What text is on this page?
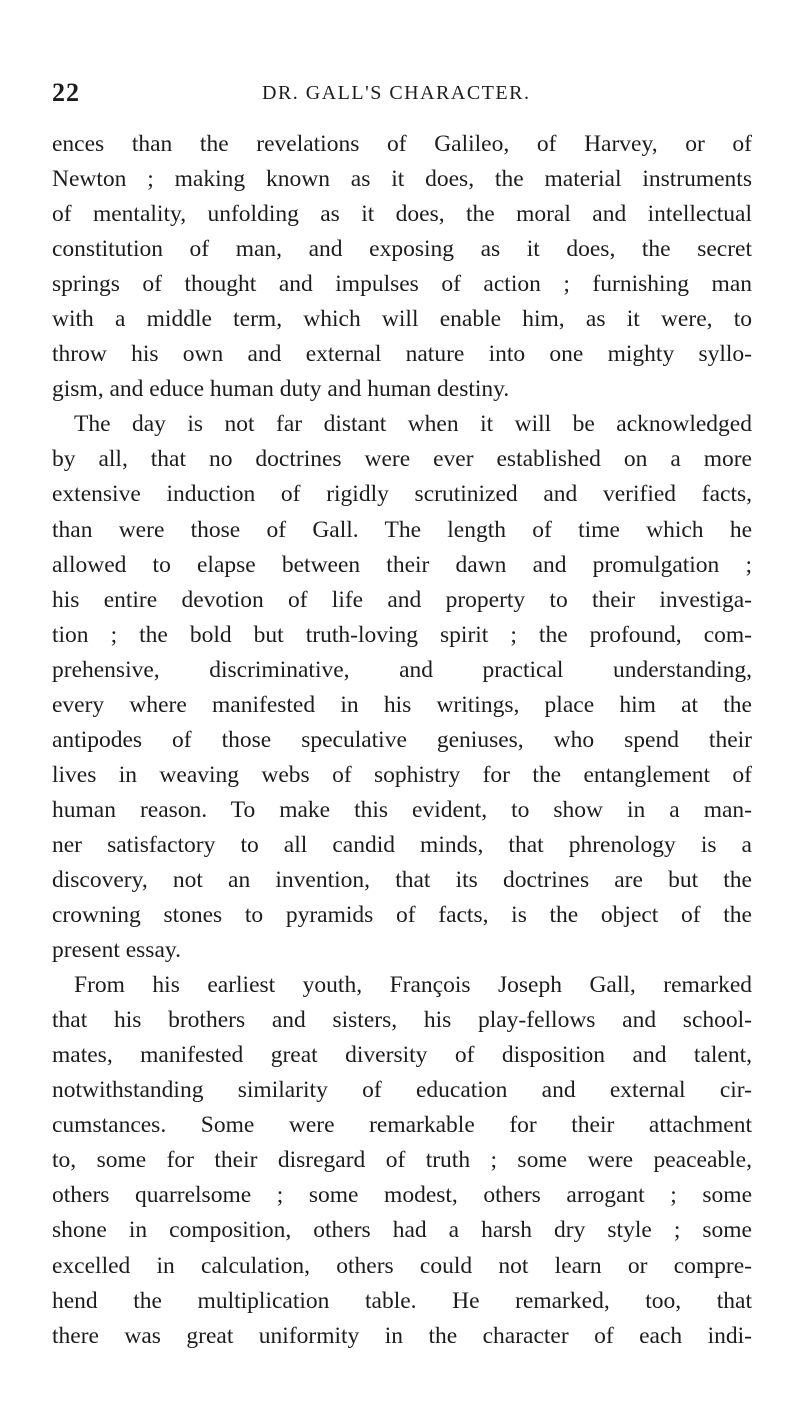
22	DR. GALL'S CHARACTER.
ences than the revelations of Galileo, of Harvey, or of
Newton ; making known as it does, the material instruments
of mentality, unfolding as it does, the moral and intellectual
constitution of man, and exposing as it does, the secret
springs of thought and impulses of action ; furnishing man
with a middle term, which will enable him, as it were, to
throw his own and external nature into one mighty syllo-
gism, and educe human duty and human destiny.
The day is not far distant when it will be acknowledged
by all, that no doctrines were ever established on a more
extensive induction of rigidly scrutinized and verified facts,
than were those of Gall. The length of time which he
allowed to elapse between their dawn and promulgation ;
his entire devotion of life and property to their investiga-
tion ; the bold but truth-loving spirit ; the profound, com-
prehensive, discriminative, and practical understanding,
every where manifested in his writings, place him at the
antipodes of those speculative geniuses, who spend their
lives in weaving webs of sophistry for the entanglement of
human reason. To make this evident, to show in a man-
ner satisfactory to all candid minds, that phrenology is a
discovery, not an invention, that its doctrines are but the
crowning stones to pyramids of facts, is the object of the
present essay.
From his earliest youth, François Joseph Gall, remarked
that his brothers and sisters, his play-fellows and school-
mates, manifested great diversity of disposition and talent,
notwithstanding similarity of education and external cir-
cumstances. Some were remarkable for their attachment
to, some for their disregard of truth ; some were peaceable,
others quarrelsome ; some modest, others arrogant ; some
shone in composition, others had a harsh dry style ; some
excelled in calculation, others could not learn or compre-
hend the multiplication table. He remarked, too, that
there was great uniformity in the character of each indi-
